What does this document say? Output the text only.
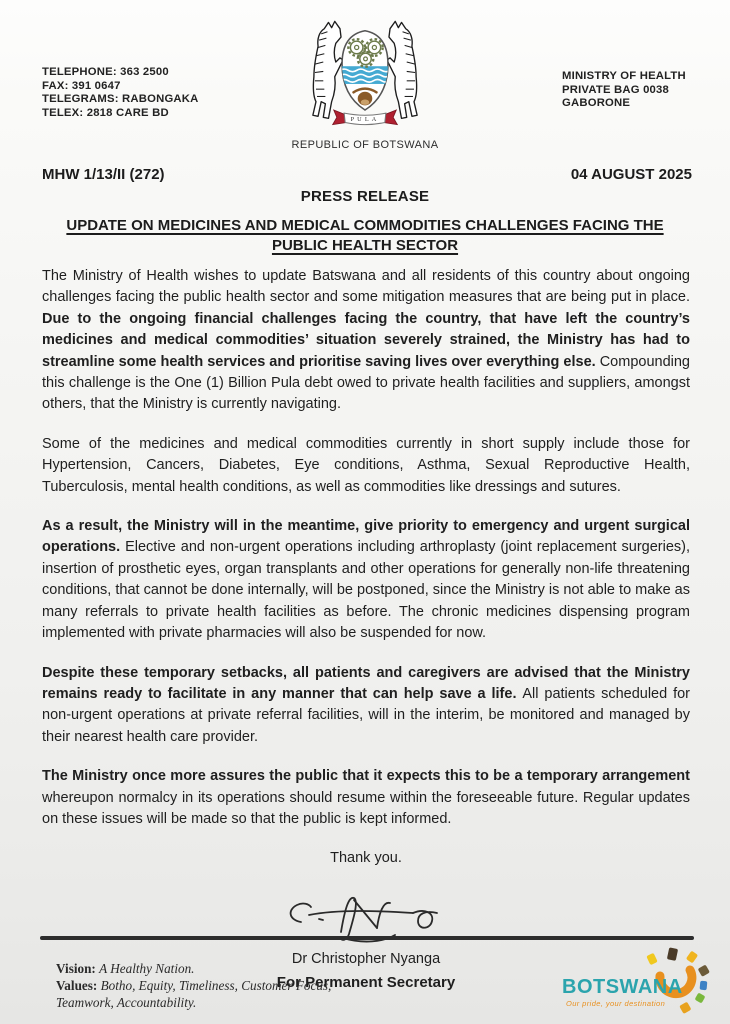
TELEPHONE: 363 2500
FAX: 391 0647
TELEGRAMS: RABONGAKA
TELEX: 2818 CARE BD
PULA
REPUBLIC OF BOTSWANA
MINISTRY OF HEALTH
PRIVATE BAG 0038
GABORONE
MHW 1/13/II (272)	04 AUGUST 2025
PRESS RELEASE
UPDATE ON MEDICINES AND MEDICAL COMMODITIES CHALLENGES FACING THE PUBLIC HEALTH SECTOR

The Ministry of Health wishes to update Batswana and all residents of this country about ongoing challenges facing the public health sector and some mitigation measures that are being put in place. Due to the ongoing financial challenges facing the country, that have left the country’s medicines and medical commodities’ situation severely strained, the Ministry has had to streamline some health services and prioritise saving lives over everything else. Compounding this challenge is the One (1) Billion Pula debt owed to private health facilities and suppliers, amongst others, that the Ministry is currently navigating.

Some of the medicines and medical commodities currently in short supply include those for Hypertension, Cancers, Diabetes, Eye conditions, Asthma, Sexual Reproductive Health, Tuberculosis, mental health conditions, as well as commodities like dressings and sutures.

As a result, the Ministry will in the meantime, give priority to emergency and urgent surgical operations. Elective and non-urgent operations including arthroplasty (joint replacement surgeries), insertion of prosthetic eyes, organ transplants and other operations for generally non-life threatening conditions, that cannot be done internally, will be postponed, since the Ministry is not able to make as many referrals to private health facilities as before. The chronic medicines dispensing program implemented with private pharmacies will also be suspended for now.

Despite these temporary setbacks, all patients and caregivers are advised that the Ministry remains ready to facilitate in any manner that can help save a life. All patients scheduled for non-urgent operations at private referral facilities, will in the interim, be monitored and managed by their nearest health care provider.

The Ministry once more assures the public that it expects this to be a temporary arrangement whereupon normalcy in its operations should resume within the foreseeable future. Regular updates on these issues will be made so that the public is kept informed.

Thank you.

Dr Christopher Nyanga
For Permanent Secretary
Vision: A Healthy Nation.
Values: Botho, Equity, Timeliness, Customer Focus, Teamwork, Accountability.
BOTSWANA
Our pride, your destination
